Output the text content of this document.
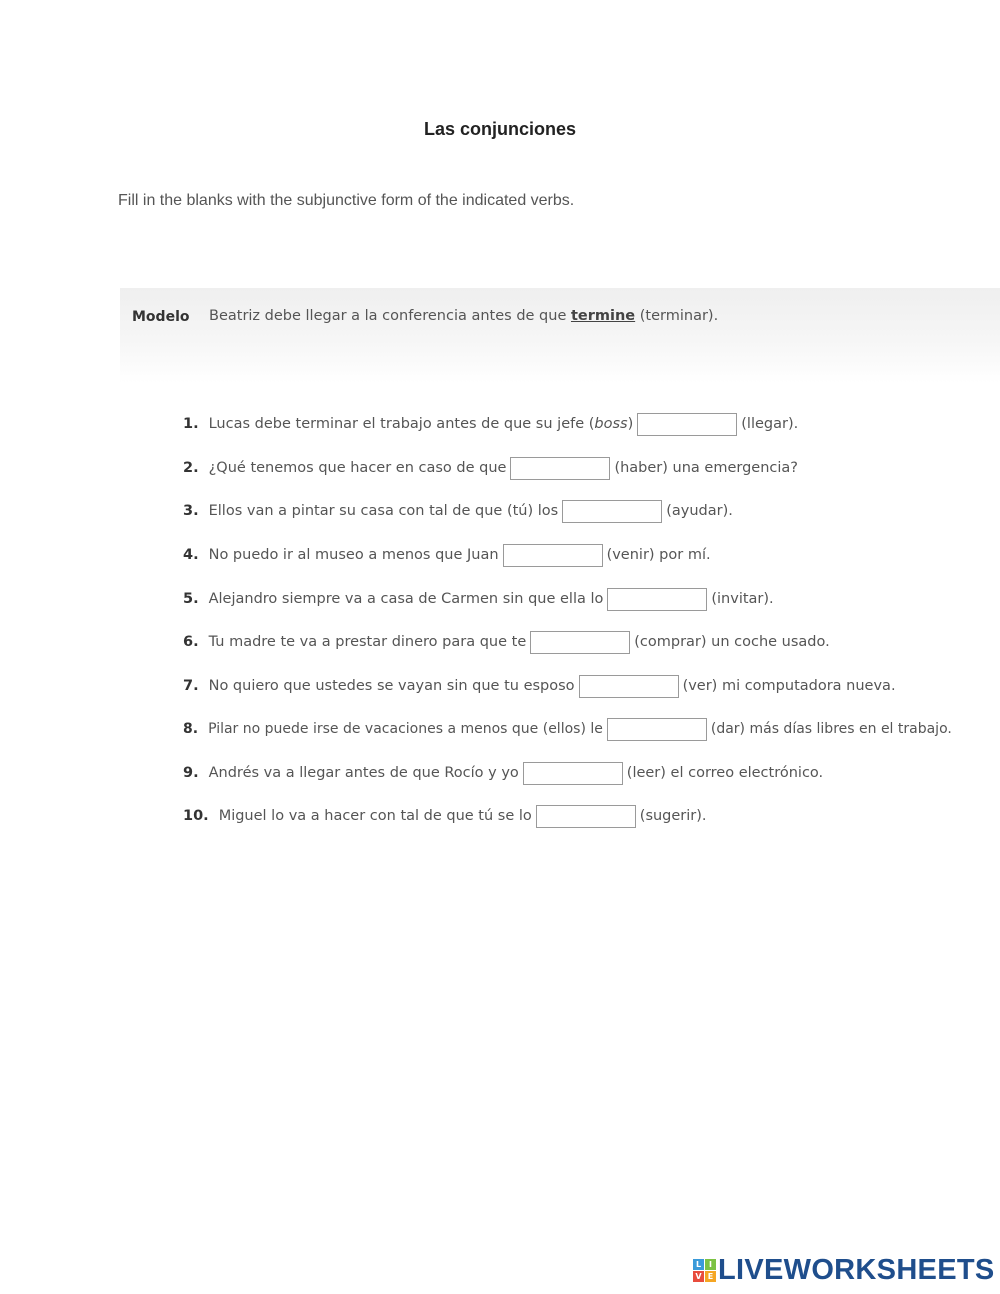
Las conjunciones
Fill in the blanks with the subjunctive form of the indicated verbs.
Modelo Beatriz debe llegar a la conferencia antes de que termine (terminar).
1. Lucas debe terminar el trabajo antes de que su jefe ( boss )	(llegar).
2. ¿Qué tenemos que hacer en caso de que	(haber) una emergencia?
3. Ellos van a pintar su casa con tal de que (tú) los	(ayudar).
4. No puedo ir al museo a menos que Juan	(venir) por mí.
5. Alejandro siempre va a casa de Carmen sin que ella lo	(invitar).
6. Tu madre te va a prestar dinero para que te	(comprar) un coche usado.
7. No quiero que ustedes se vayan sin que tu esposo	(ver) mi computadora nueva.
8. Pilar no puede irse de vacaciones a menos que (ellos) le	(dar) más días libres en el trabajo.
9. Andrés va a llegar antes de que Rocío y yo	(leer) el correo electrónico.
10. Miguel lo va a hacer con tal de que tú se lo	(sugerir).
L I
V E LIVEWORKSHEETS
